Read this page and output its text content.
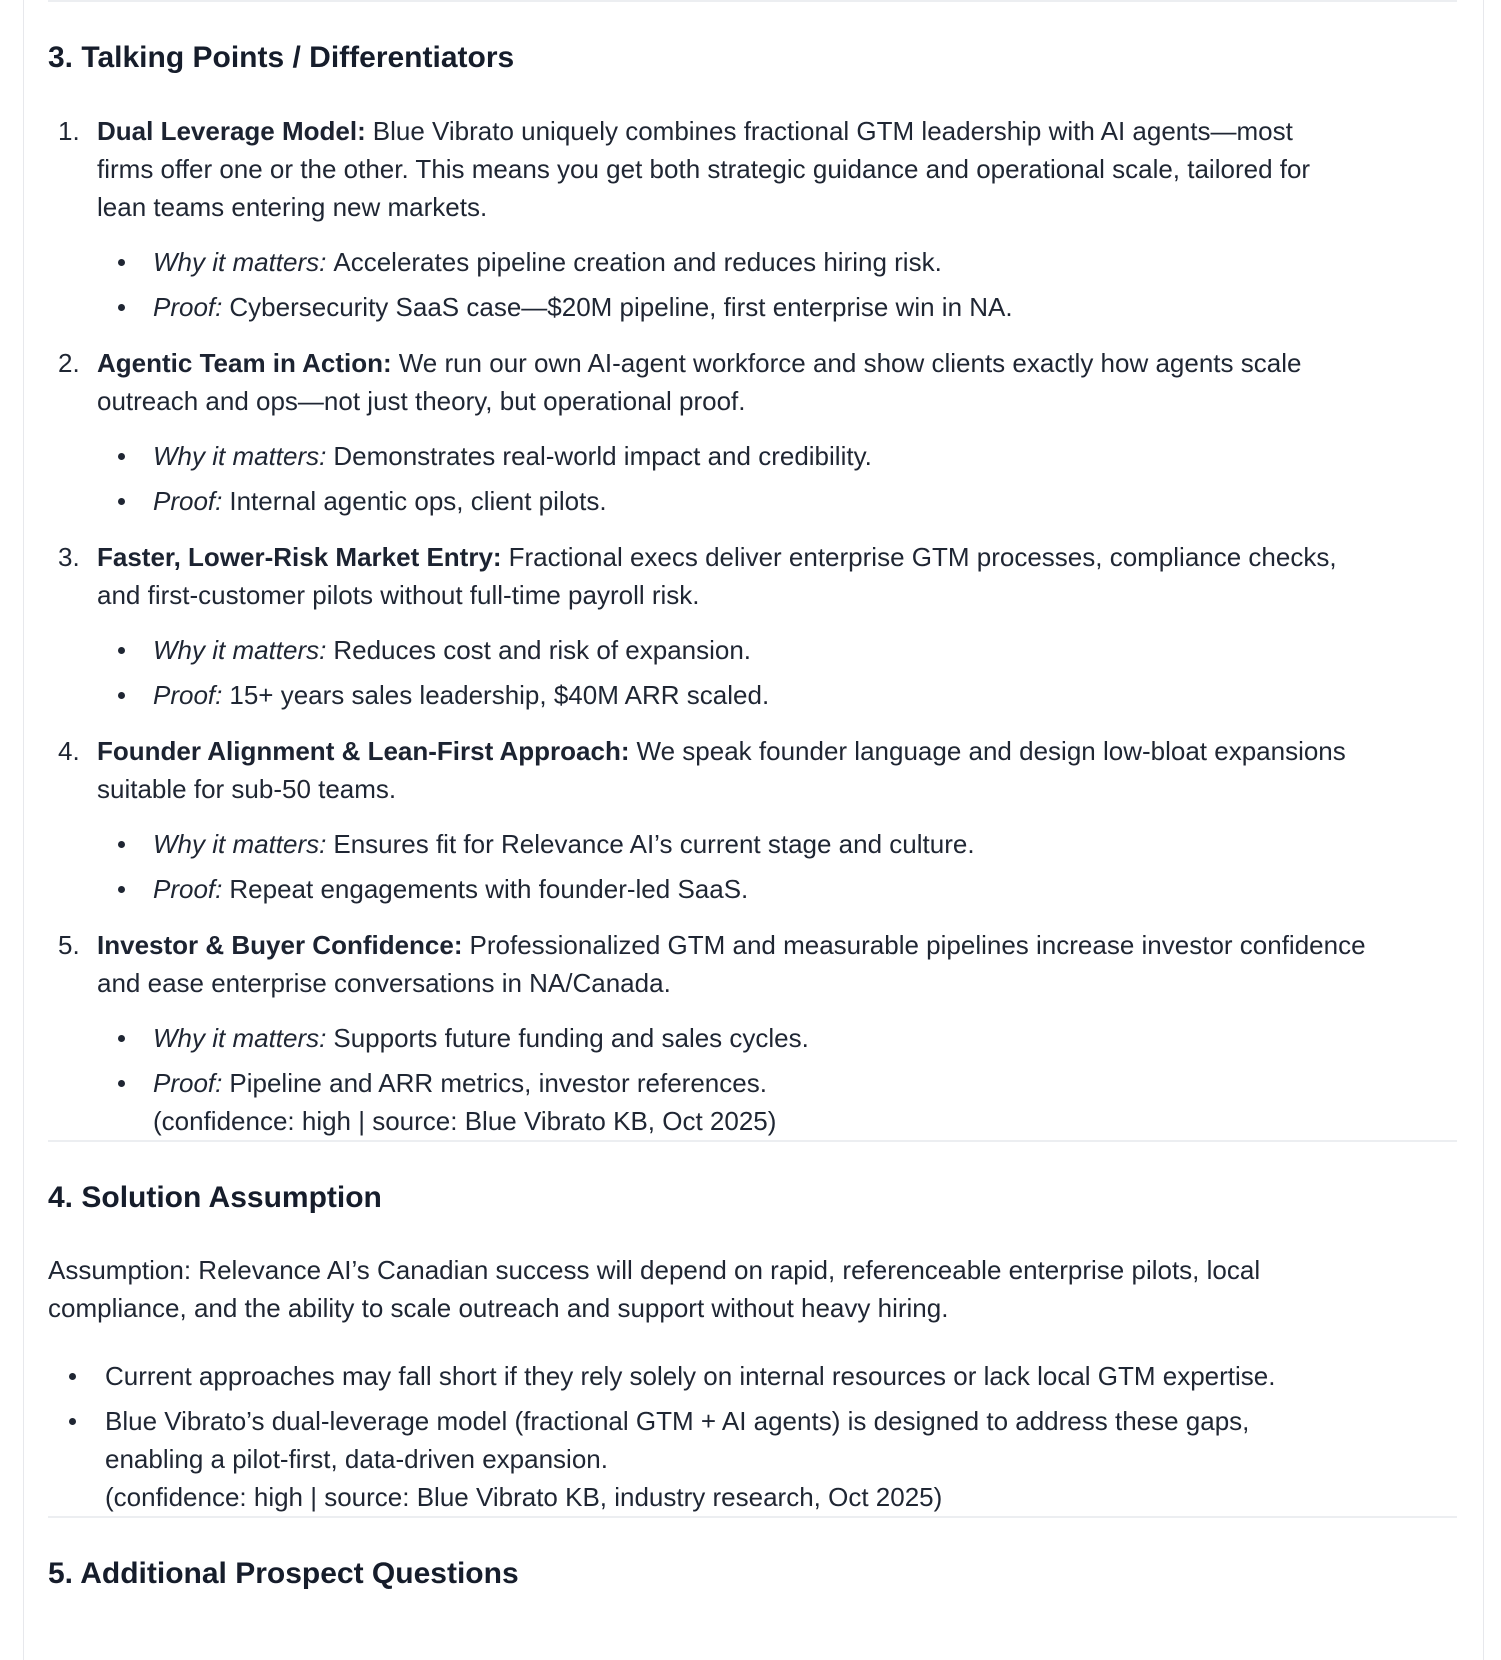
3. Talking Points / Differentiators
1. Dual Leverage Model: Blue Vibrato uniquely combines fractional GTM leadership with AI agents—most
firms offer one or the other. This means you get both strategic guidance and operational scale, tailored for
lean teams entering new markets.
Why it matters: Accelerates pipeline creation and reduces hiring risk.
Proof: Cybersecurity SaaS case—$20M pipeline, first enterprise win in NA.
2. Agentic Team in Action: We run our own AI-agent workforce and show clients exactly how agents scale
outreach and ops—not just theory, but operational proof.
Why it matters: Demonstrates real-world impact and credibility.
Proof: Internal agentic ops, client pilots.
3. Faster, Lower-Risk Market Entry: Fractional execs deliver enterprise GTM processes, compliance checks,
and first-customer pilots without full-time payroll risk.
Why it matters: Reduces cost and risk of expansion.
Proof: 15+ years sales leadership, $40M ARR scaled.
4. Founder Alignment & Lean-First Approach: We speak founder language and design low-bloat expansions
suitable for sub-50 teams.
Why it matters: Ensures fit for Relevance AI’s current stage and culture.
Proof: Repeat engagements with founder-led SaaS.
5. Investor & Buyer Confidence: Professionalized GTM and measurable pipelines increase investor confidence
and ease enterprise conversations in NA/Canada.
Why it matters: Supports future funding and sales cycles.
Proof: Pipeline and ARR metrics, investor references.
(confidence: high | source: Blue Vibrato KB, Oct 2025)
4. Solution Assumption

Assumption: Relevance AI’s Canadian success will depend on rapid, referenceable enterprise pilots, local
compliance, and the ability to scale outreach and support without heavy hiring.

Current approaches may fall short if they rely solely on internal resources or lack local GTM expertise.
Blue Vibrato’s dual-leverage model (fractional GTM + AI agents) is designed to address these gaps,
enabling a pilot-first, data-driven expansion.
(confidence: high | source: Blue Vibrato KB, industry research, Oct 2025)
5. Additional Prospect Questions
